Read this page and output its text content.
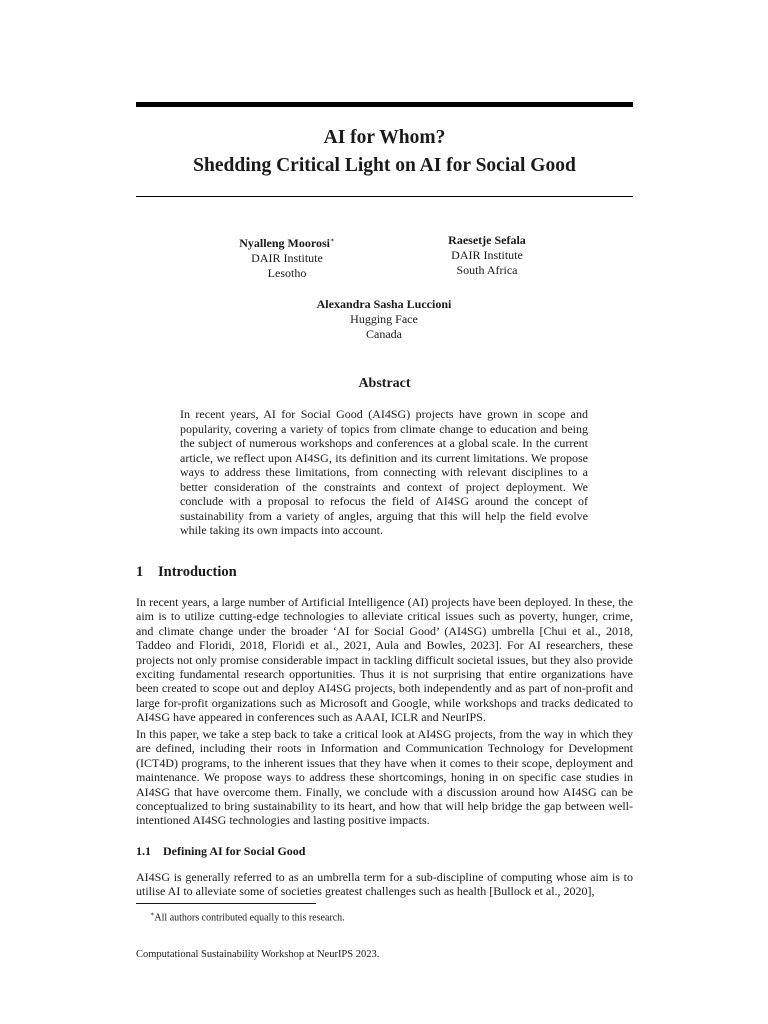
AI for Whom?
Shedding Critical Light on AI for Social Good
Nyalleng Moorosi∗
DAIR Institute
Lesotho
Raesetje Sefala
DAIR Institute
South Africa
Alexandra Sasha Luccioni
Hugging Face
Canada
Abstract

In recent years, AI for Social Good (AI4SG) projects have grown in scope and popularity, covering a variety of topics from climate change to education and being the subject of numerous workshops and conferences at a global scale. In the current article, we reflect upon AI4SG, its definition and its current limitations. We propose ways to address these limitations, from connecting with relevant disciplines to a better consideration of the constraints and context of project deployment. We conclude with a proposal to refocus the field of AI4SG around the concept of sustainability from a variety of angles, arguing that this will help the field evolve while taking its own impacts into account.

1 Introduction

In recent years, a large number of Artificial Intelligence (AI) projects have been deployed. In these, the aim is to utilize cutting-edge technologies to alleviate critical issues such as poverty, hunger, crime, and climate change under the broader ‘AI for Social Good’ (AI4SG) umbrella [Chui et al., 2018, Taddeo and Floridi, 2018, Floridi et al., 2021, Aula and Bowles, 2023]. For AI researchers, these projects not only promise considerable impact in tackling difficult societal issues, but they also provide exciting fundamental research opportunities. Thus it is not surprising that entire organizations have been created to scope out and deploy AI4SG projects, both independently and as part of non-profit and large for-profit organizations such as Microsoft and Google, while workshops and tracks dedicated to AI4SG have appeared in conferences such as AAAI, ICLR and NeurIPS.

In this paper, we take a step back to take a critical look at AI4SG projects, from the way in which they are defined, including their roots in Information and Communication Technology for Development (ICT4D) programs, to the inherent issues that they have when it comes to their scope, deployment and maintenance. We propose ways to address these shortcomings, honing in on specific case studies in AI4SG that have overcome them. Finally, we conclude with a discussion around how AI4SG can be conceptualized to bring sustainability to its heart, and how that will help bridge the gap between well-intentioned AI4SG technologies and lasting positive impacts.

1.1 Defining AI for Social Good

AI4SG is generally referred to as an umbrella term for a sub-discipline of computing whose aim is to utilise AI to alleviate some of societies greatest challenges such as health [Bullock et al., 2020],

∗All authors contributed equally to this research.
Computational Sustainability Workshop at NeurIPS 2023.
